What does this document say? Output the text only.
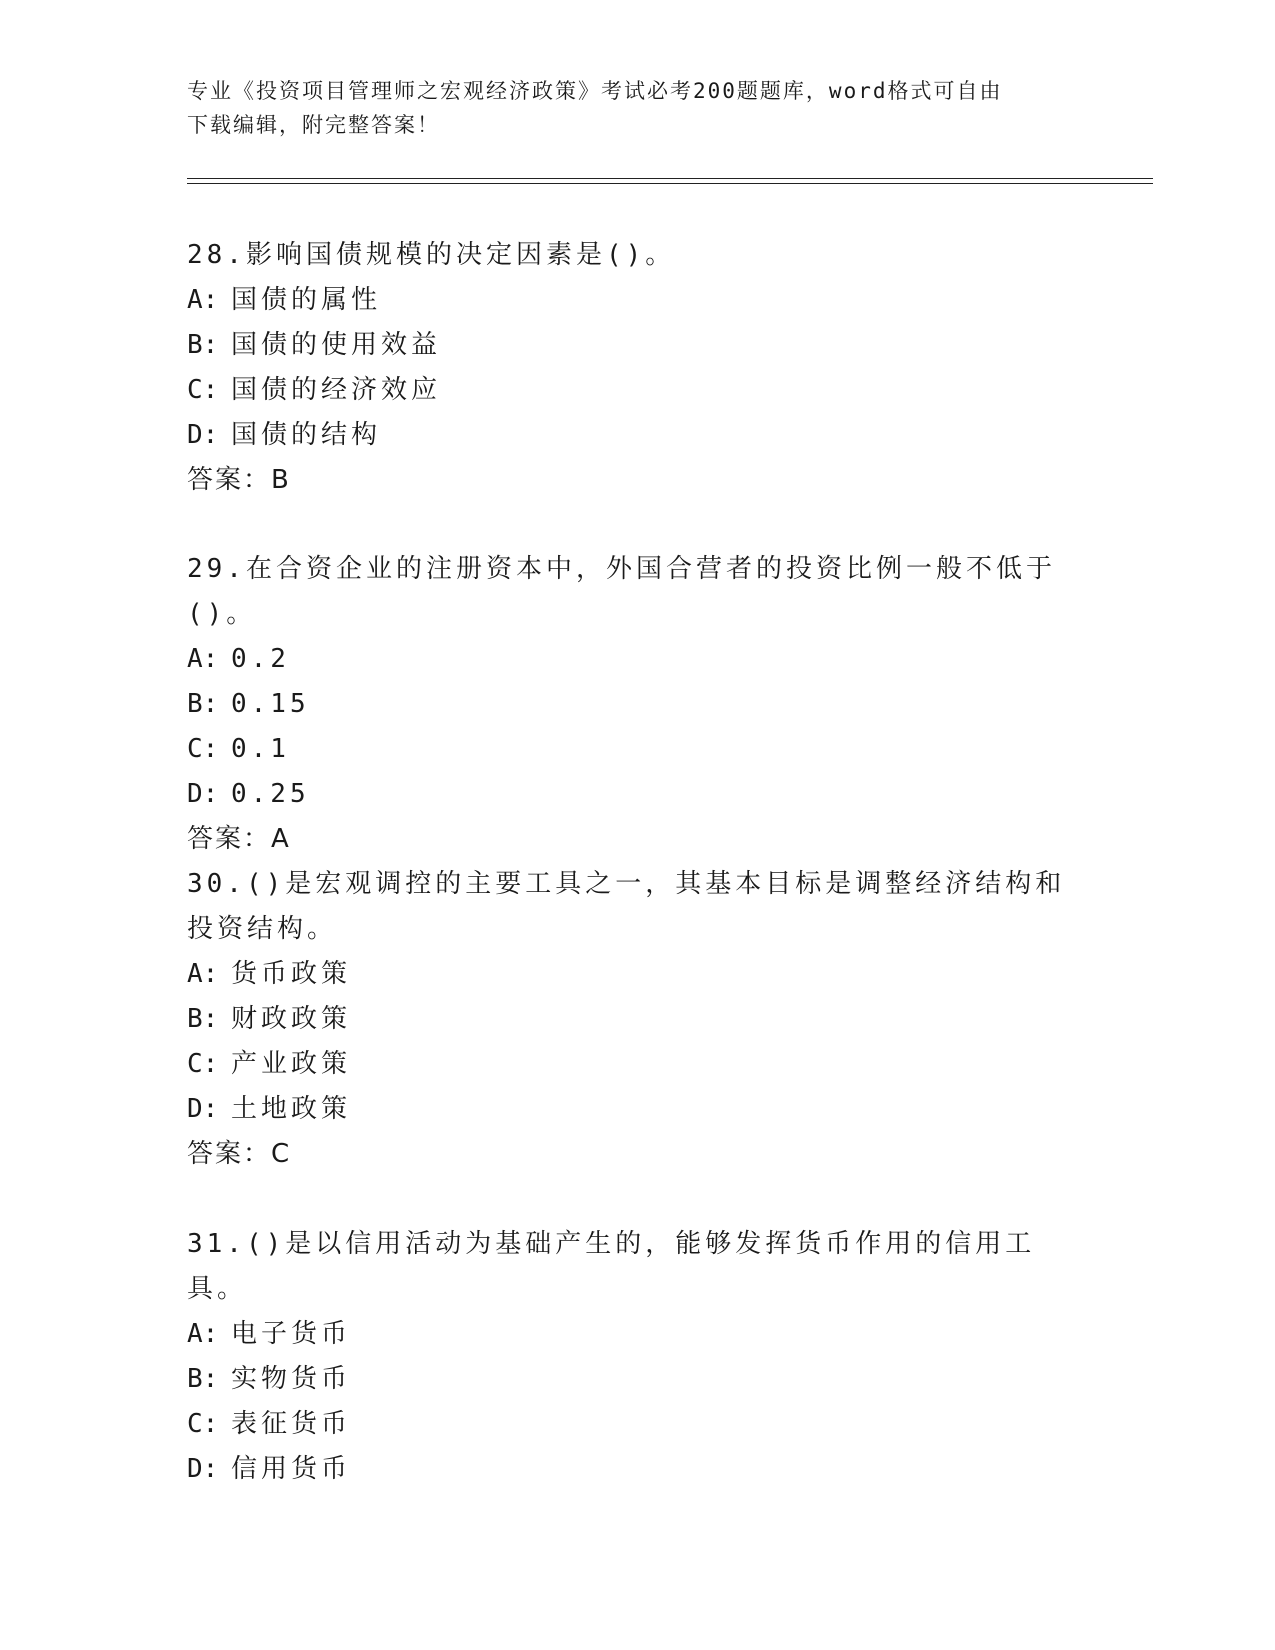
专业《投资项目管理师之宏观经济政策》考试必考200题题库，word格式可自由
下载编辑，附完整答案！
28.影响国债规模的决定因素是()。
A: 国债的属性
B: 国债的使用效益
C: 国债的经济效应
D: 国债的结构
答案：B
29.在合资企业的注册资本中，外国合营者的投资比例一般不低于()。
A: 0.2
B: 0.15
C: 0.1
D: 0.25
答案：A
30.()是宏观调控的主要工具之一，其基本目标是调整经济结构和投资结构。
A: 货币政策
B: 财政政策
C: 产业政策
D: 土地政策
答案：C
31.()是以信用活动为基础产生的，能够发挥货币作用的信用工具。
A: 电子货币
B: 实物货币
C: 表征货币
D: 信用货币
